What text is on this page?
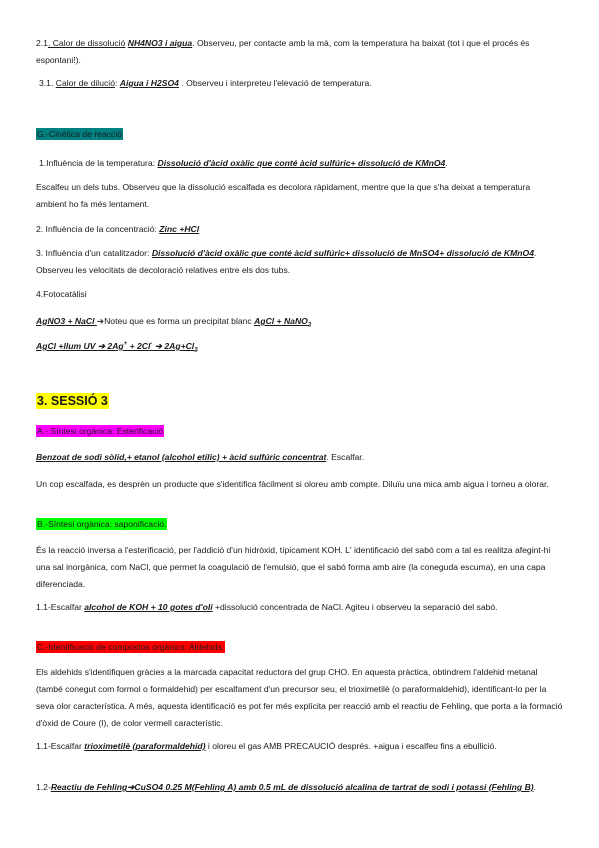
2.1. Calor de dissolució NH4NO3 i aigua. Observeu, per contacte amb la mà, com la temperatura ha baixat (tot i que el procés és espontani!).

3.1. Calor de dilució: Aigua i H2SO4 . Observeu i interpreteu l'elevació de temperatura.

G.-Cinètica de reacció

1.Influència de la temperatura: Dissolució d'àcid oxàlic que conté àcid sulfúric+ dissolució de KMnO4.

Escalfeu un dels tubs. Observeu que la dissolució escalfada es decolora ràpidament, mentre que la que s'ha deixat a temperatura ambient ho fa més lentament.

2. Influència de la concentració: Zinc +HCl

3. Influència d'un catalitzador: Dissolució d'àcid oxàlic que conté àcid sulfúric+ dissolució de MnSO4+ dissolució de KMnO4. Observeu les velocitats de decoloració relatives entre els dos tubs.

4.Fotocatàlisi

AgNO3 + NaCl ➔Noteu que es forma un precipitat blanc AgCl + NaNO$_3$

AgCl +llum UV ➔ 2Ag+ + 2Cl- ➔ $2Ag+Cl_2$

3. SESSIÓ 3

A.- Síntesi orgànica: Esterificació

Benzoat de sodi sòlid,+ etanol (alcohol etílic) + àcid sulfúric concentrat. Escalfar.

Un cop escalfada, es desprèn un producte que s'identifica fàcilment si oloreu amb compte. Diluïu una mica amb aigua i torneu a olorar.

B.-Síntesi orgànica: saponificació.

És la reacció inversa a l'esterificació, per l'addició d'un hidròxid, típicament KOH. L' identificació del sabó com a tal es realitza afegint-hi una sal inorgànica, com NaCl, que permet la coagulació de l'emulsió, que el sabó forma amb aire (la coneguda escuma), en una capa diferenciada.

1.1-Escalfar alcohol de KOH + 10 gotes d'oli +dissolució concentrada de NaCl. Agiteu i observeu la separació del sabó.

C.-Identificació de compostos orgànics: Aldehids.

Els aldehids s'identifiquen gràcies a la marcada capacitat reductora del grup CHO. En aquesta pràctica, obtindrem l'aldehid metanal (també conegut com formol o formaldehid) per escalfament d'un precursor seu, el trioximetilè (o paraformaldehid), identificant-lo per la seva olor característica. A més, aquesta identificació es pot fer més explícita per reacció amb el reactiu de Fehling, que porta a la formació d'òxid de Coure (I), de color vermell característic.

1.1-Escalfar trioximetilè (paraformaldehid) i oloreu el gas AMB PRECAUCIÓ després. +aigua i escalfeu fins a ebullició.

1.2-Reactiu de Fehling➔CuSO4 0.25 M(Fehling A) amb 0.5 mL de dissolució alcalina de tartrat de sodi i potassi (Fehling B).
